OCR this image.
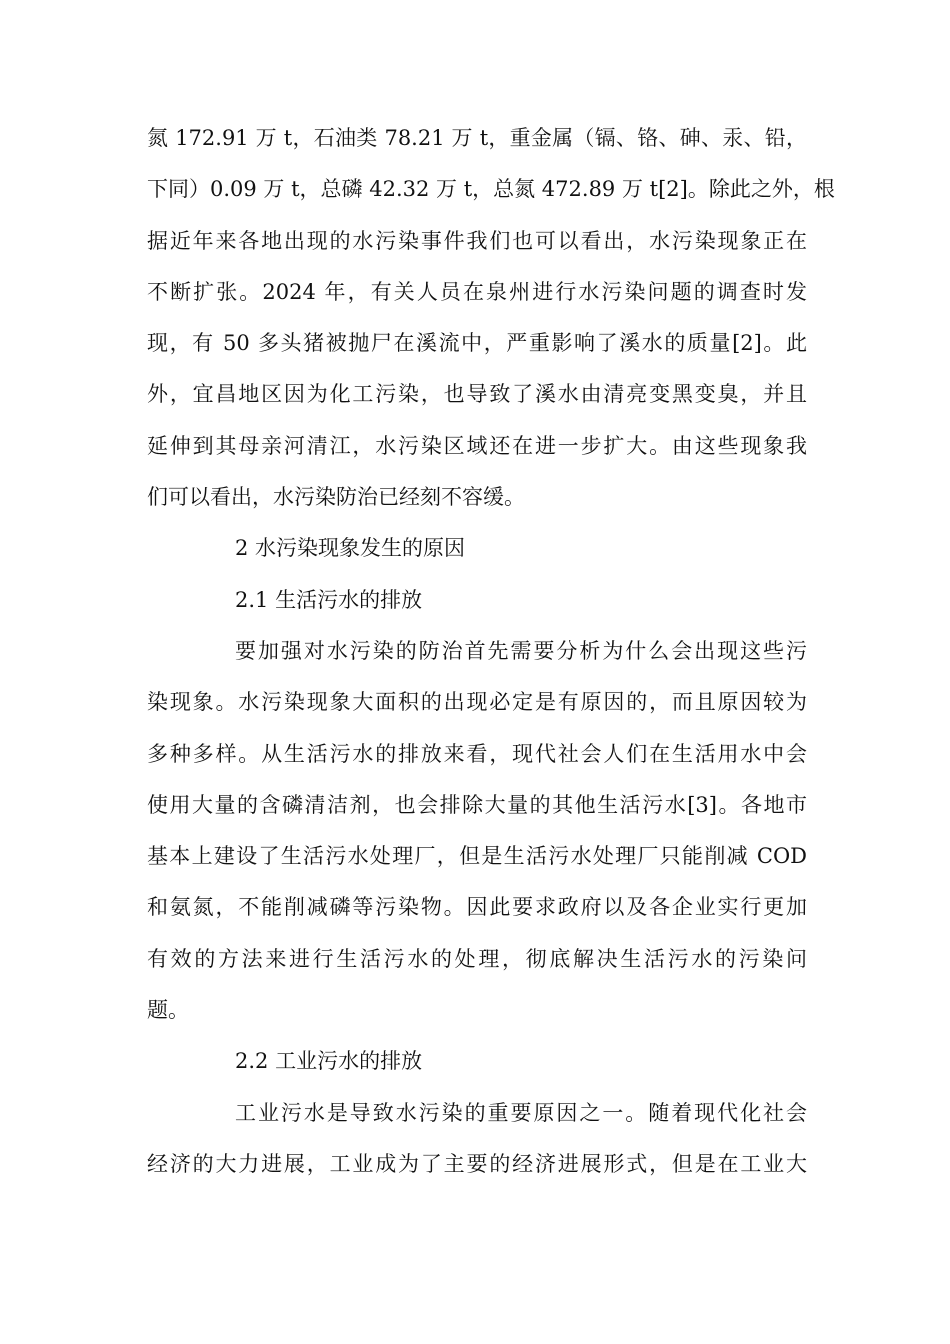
氮 172.91 万 t，石油类 78.21 万 t，重金属（镉、铬、砷、汞、铅，
下同）0.09 万 t，总磷 42.32 万 t，总氮 472.89 万 t[2]。除此之外，根
据近年来各地出现的水污染事件我们也可以看出，水污染现象正在
不断扩张。2024 年，有关人员在泉州进行水污染问题的调查时发
现，有 50 多头猪被抛尸在溪流中，严重影响了溪水的质量[2]。此
外，宜昌地区因为化工污染，也导致了溪水由清亮变黑变臭，并且
延伸到其母亲河清江，水污染区域还在进一步扩大。由这些现象我
们可以看出，水污染防治已经刻不容缓。
2 水污染现象发生的原因
2.1 生活污水的排放
要加强对水污染的防治首先需要分析为什么会出现这些污
染现象。水污染现象大面积的出现必定是有原因的，而且原因较为
多种多样。从生活污水的排放来看，现代社会人们在生活用水中会
使用大量的含磷清洁剂，也会排除大量的其他生活污水[3]。各地市
基本上建设了生活污水处理厂，但是生活污水处理厂只能削减 COD
和氨氮，不能削减磷等污染物。因此要求政府以及各企业实行更加
有效的方法来进行生活污水的处理，彻底解决生活污水的污染问
题。
2.2 工业污水的排放
工业污水是导致水污染的重要原因之一。随着现代化社会
经济的大力进展，工业成为了主要的经济进展形式，但是在工业大
